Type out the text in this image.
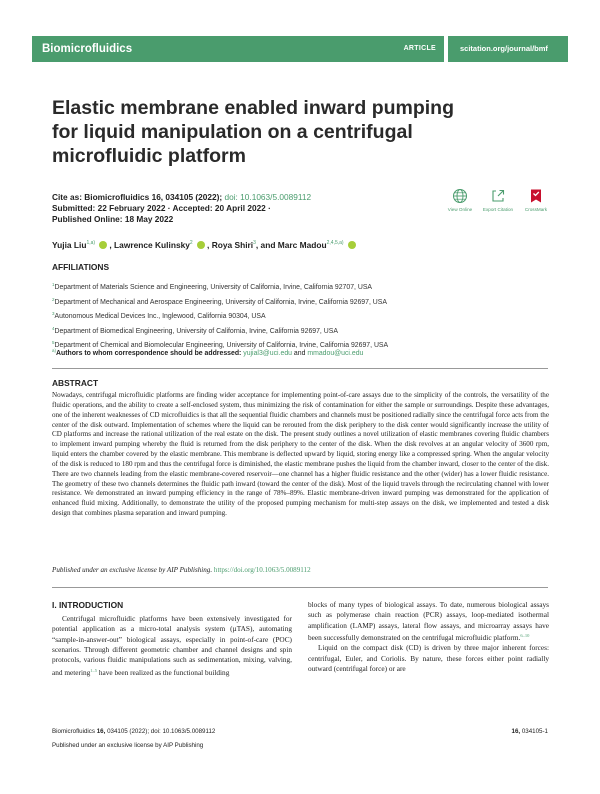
Biomicrofluidics	ARTICLE	scitation.org/journal/bmf
Elastic membrane enabled inward pumping for liquid manipulation on a centrifugal microfluidic platform
Cite as: Biomicrofluidics 16, 034105 (2022); doi: 10.1063/5.0089112
Submitted: 22 February 2022 · Accepted: 20 April 2022 ·
Published Online: 18 May 2022
View Online	Export Citation	CrossMark
Yujia Liu$^{1,a)}$ , Lawrence Kulinsky$^2$ , Roya Shiri$^3$, and Marc Madou$^{2,4,5,a)}$
AFFILIATIONS
$^1$Department of Materials Science and Engineering, University of California, Irvine, California 92707, USA
$^2$Department of Mechanical and Aerospace Engineering, University of California, Irvine, California 92697, USA
$^3$Autonomous Medical Devices Inc., Inglewood, California 90304, USA
$^4$Department of Biomedical Engineering, University of California, Irvine, California 92697, USA
$^5$Department of Chemical and Biomolecular Engineering, University of California, Irvine, California 92697, USA
$^{a)}$Authors to whom correspondence should be addressed: yujial3@uci.edu and mmadou@uci.edu
ABSTRACT
Nowadays, centrifugal microfluidic platforms are finding wider acceptance for implementing point-of-care assays due to the simplicity of the controls, the versatility of the fluidic operations, and the ability to create a self-enclosed system, thus minimizing the risk of contamination for either the sample or surroundings. Despite these advantages, one of the inherent weaknesses of CD microfluidics is that all the sequential fluidic chambers and channels must be positioned radially since the centrifugal force acts from the center of the disk outward. Implementation of schemes where the liquid can be rerouted from the disk periphery to the disk center would significantly increase the utility of CD platforms and increase the rational utilization of the real estate on the disk. The present study outlines a novel utilization of elastic membranes covering fluidic chambers to implement inward pumping whereby the fluid is returned from the disk periphery to the center of the disk. When the disk revolves at an angular velocity of 3600 rpm, liquid enters the chamber covered by the elastic membrane. This membrane is deflected upward by liquid, storing energy like a compressed spring. When the angular velocity of the disk is reduced to 180 rpm and thus the centrifugal force is diminished, the elastic membrane pushes the liquid from the chamber inward, closer to the center of the disk. There are two channels leading from the elastic membrane-covered reservoir—one channel has a higher fluidic resistance and the other (wider) has a lower fluidic resistance. The geometry of these two channels determines the fluidic path inward (toward the center of the disk). Most of the liquid travels through the recirculating channel with lower resistance. We demonstrated an inward pumping efficiency in the range of 78%–89%. Elastic membrane-driven inward pumping was demonstrated for the application of enhanced fluid mixing. Additionally, to demonstrate the utility of the proposed pumping mechanism for multi-step assays on the disk, we implemented and tested a disk design that combines plasma separation and inward pumping.
Published under an exclusive license by AIP Publishing. https://doi.org/10.1063/5.0089112
I. INTRODUCTION
Centrifugal microfluidic platforms have been extensively investigated for potential application as a micro-total analysis system (µTAS), automating “sample-in-answer-out” biological assays, especially in point-of-care (POC) scenarios. Through different geometric chamber and channel designs and spin protocols, various fluidic manipulations such as sedimentation, mixing, valving, and metering$^{1-5}$ have been realized as the functional building
blocks of many types of biological assays. To date, numerous biological assays such as polymerase chain reaction (PCR) assays, loop-mediated isothermal amplification (LAMP) assays, lateral flow assays, and microarray assays have been successfully demonstrated on the centrifugal microfluidic platform.$^{6-10}$
Liquid on the compact disk (CD) is driven by three major inherent forces: centrifugal, Euler, and Coriolis. By nature, these forces either point radially outward (centrifugal force) or are
Biomicrofluidics 16, 034105 (2022); doi: 10.1063/5.0089112
Published under an exclusive license by AIP Publishing
16, 034105-1
